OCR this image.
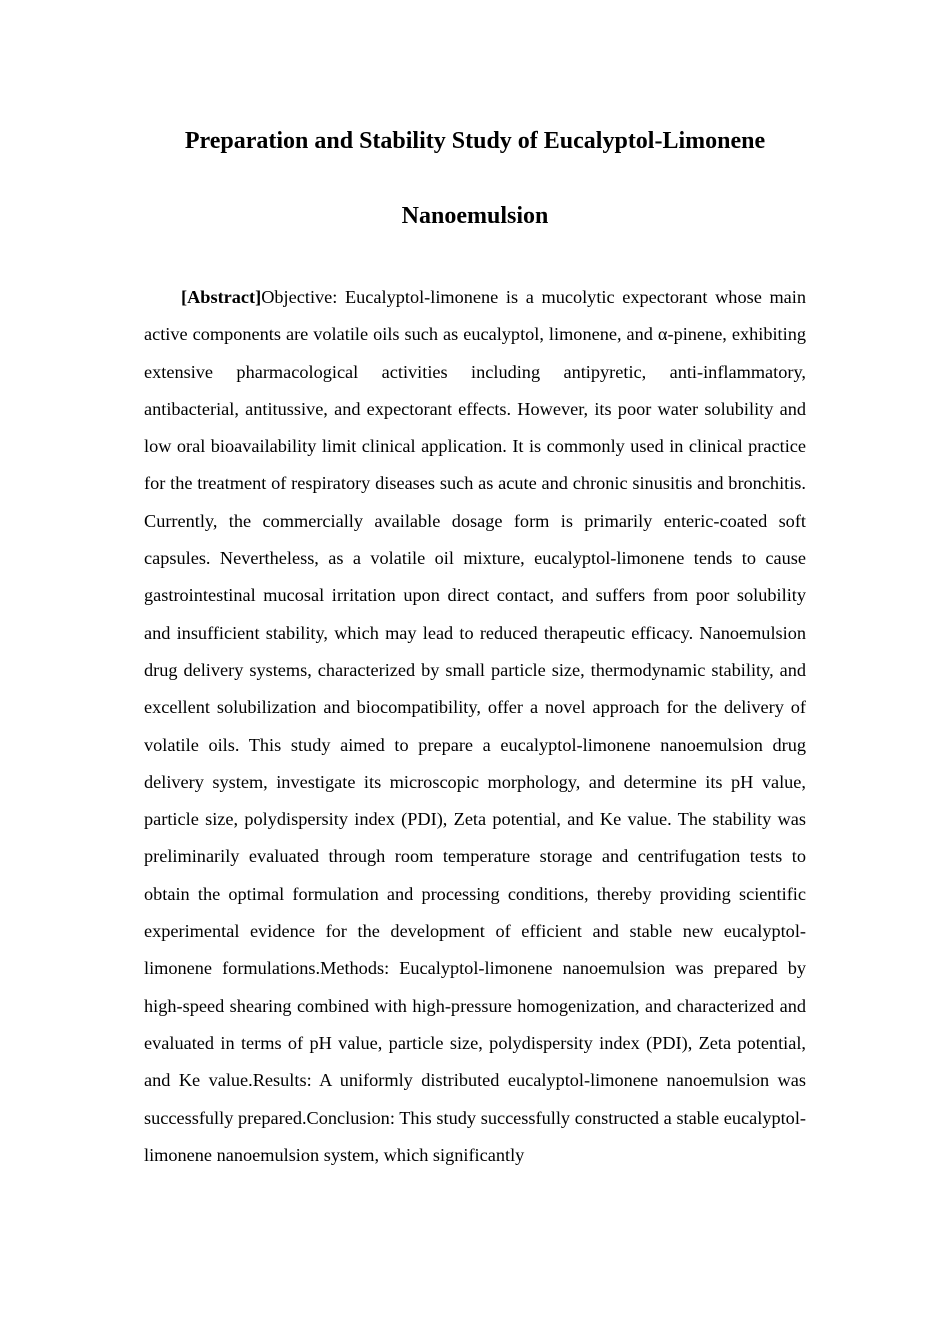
Preparation and Stability Study of Eucalyptol-Limonene
Nanoemulsion

[Abstract]Objective: Eucalyptol-limonene is a mucolytic expectorant whose main active components are volatile oils such as eucalyptol, limonene, and α-pinene, exhibiting extensive pharmacological activities including antipyretic, anti-inflammatory, antibacterial, antitussive, and expectorant effects. However, its poor water solubility and low oral bioavailability limit clinical application. It is commonly used in clinical practice for the treatment of respiratory diseases such as acute and chronic sinusitis and bronchitis. Currently, the commercially available dosage form is primarily enteric-coated soft capsules. Nevertheless, as a volatile oil mixture, eucalyptol-limonene tends to cause gastrointestinal mucosal irritation upon direct contact, and suffers from poor solubility and insufficient stability, which may lead to reduced therapeutic efficacy. Nanoemulsion drug delivery systems, characterized by small particle size, thermodynamic stability, and excellent solubilization and biocompatibility, offer a novel approach for the delivery of volatile oils. This study aimed to prepare a eucalyptol-limonene nanoemulsion drug delivery system, investigate its microscopic morphology, and determine its pH value, particle size, polydispersity index (PDI), Zeta potential, and Ke value. The stability was preliminarily evaluated through room temperature storage and centrifugation tests to obtain the optimal formulation and processing conditions, thereby providing scientific experimental evidence for the development of efficient and stable new eucalyptol-limonene formulations.Methods: Eucalyptol-limonene nanoemulsion was prepared by high-speed shearing combined with high-pressure homogenization, and characterized and evaluated in terms of pH value, particle size, polydispersity index (PDI), Zeta potential, and Ke value.Results: A uniformly distributed eucalyptol-limonene nanoemulsion was successfully prepared.Conclusion: This study successfully constructed a stable eucalyptol-limonene nanoemulsion system, which significantly
